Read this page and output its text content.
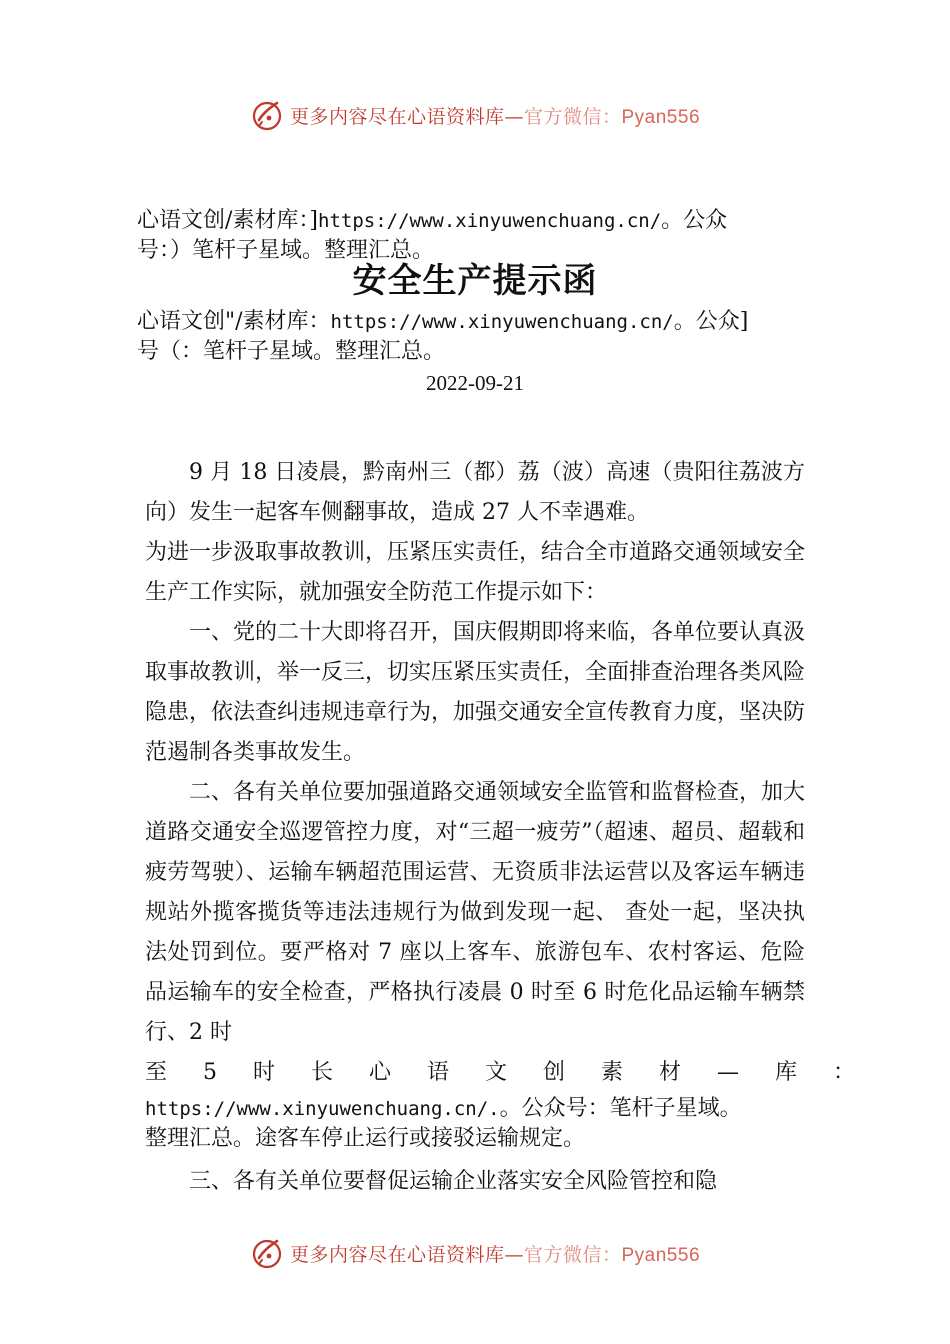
更多内容尽在心语资料库—官方微信：Pyan556
心语文创/素材库：]https://www.xinyuwenchuang.cn/。公众
号：）笔杆子星域。整理汇总。
安全生产提示函
心语文创"/素材库：https://www.xinyuwenchuang.cn/。公众]
号（：笔杆子星域。整理汇总。
2022-09-21

9 月 18 日凌晨，黔南州三（都）荔（波）高速（贵阳往荔波方向）发生一起客车侧翻事故，造成 27 人不幸遇难。

为进一步汲取事故教训，压紧压实责任，结合全市道路交通领域安全生产工作实际，就加强安全防范工作提示如下：

一、党的二十大即将召开，国庆假期即将来临，各单位要认真汲取事故教训，举一反三，切实压紧压实责任，全面排查治理各类风险隐患，依法查纠违规违章行为，加强交通安全宣传教育力度，坚决防范遏制各类事故发生。

二、各有关单位要加强道路交通领域安全监管和监督检查，加大道路交通安全巡逻管控力度，对“三超一疲劳”（超速、超员、超载和疲劳驾驶）、运输车辆超范围运营、无资质非法运营以及客运车辆违规站外揽客揽货等违法违规行为做到发现一起、 查处一起，坚决执法处罚到位。要严格对 7 座以上客车、旅游包车、农村客运、危险品运输车的安全检查，严格执行凌晨 0 时至 6 时危化品运输车辆禁行、2 时

至 5 时 长 心 语 文 创 素 材 — 库 ：
https://www.xinyuwenchuang.cn/.。公众号：笔杆子星域。
整理汇总。途客车停止运行或接驳运输规定。
三、各有关单位要督促运输企业落实安全风险管控和隐
更多内容尽在心语资料库—官方微信：Pyan556
